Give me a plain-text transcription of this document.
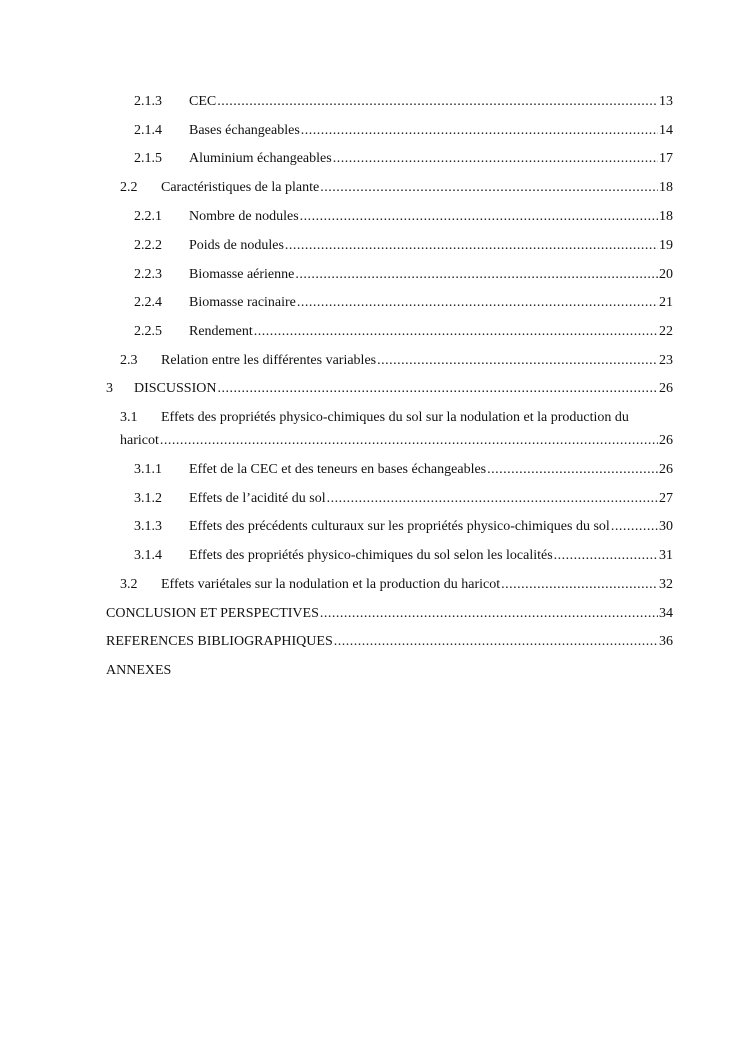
2.1.3	CEC .....	13
2.1.4	Bases échangeables .....	14
2.1.5	Aluminium échangeables .....	17
2.2	Caractéristiques de la plante .....	18
2.2.1	Nombre de nodules .....	18
2.2.2	Poids de nodules .....	19
2.2.3	Biomasse aérienne .....	20
2.2.4	Biomasse racinaire .....	21
2.2.5	Rendement .....	22
2.3	Relation entre les différentes variables .....	23
3	DISCUSSION .....	26
3.1 Effets des propriétés physico-chimiques du sol sur la nodulation et la production du
haricot .....	26
3.1.1	Effet de la CEC et des teneurs en bases échangeables .....	26
3.1.2	Effets de l’acidité du sol .....	27
3.1.3	Effets des précédents culturaux sur les propriétés physico-chimiques du sol .....	30
3.1.4	Effets des propriétés physico-chimiques du sol selon les localités .....	31
3.2	Effets variétales sur la nodulation et la production du haricot .....	32
CONCLUSION ET PERSPECTIVES .....	34
REFERENCES BIBLIOGRAPHIQUES .....	36
ANNEXES
